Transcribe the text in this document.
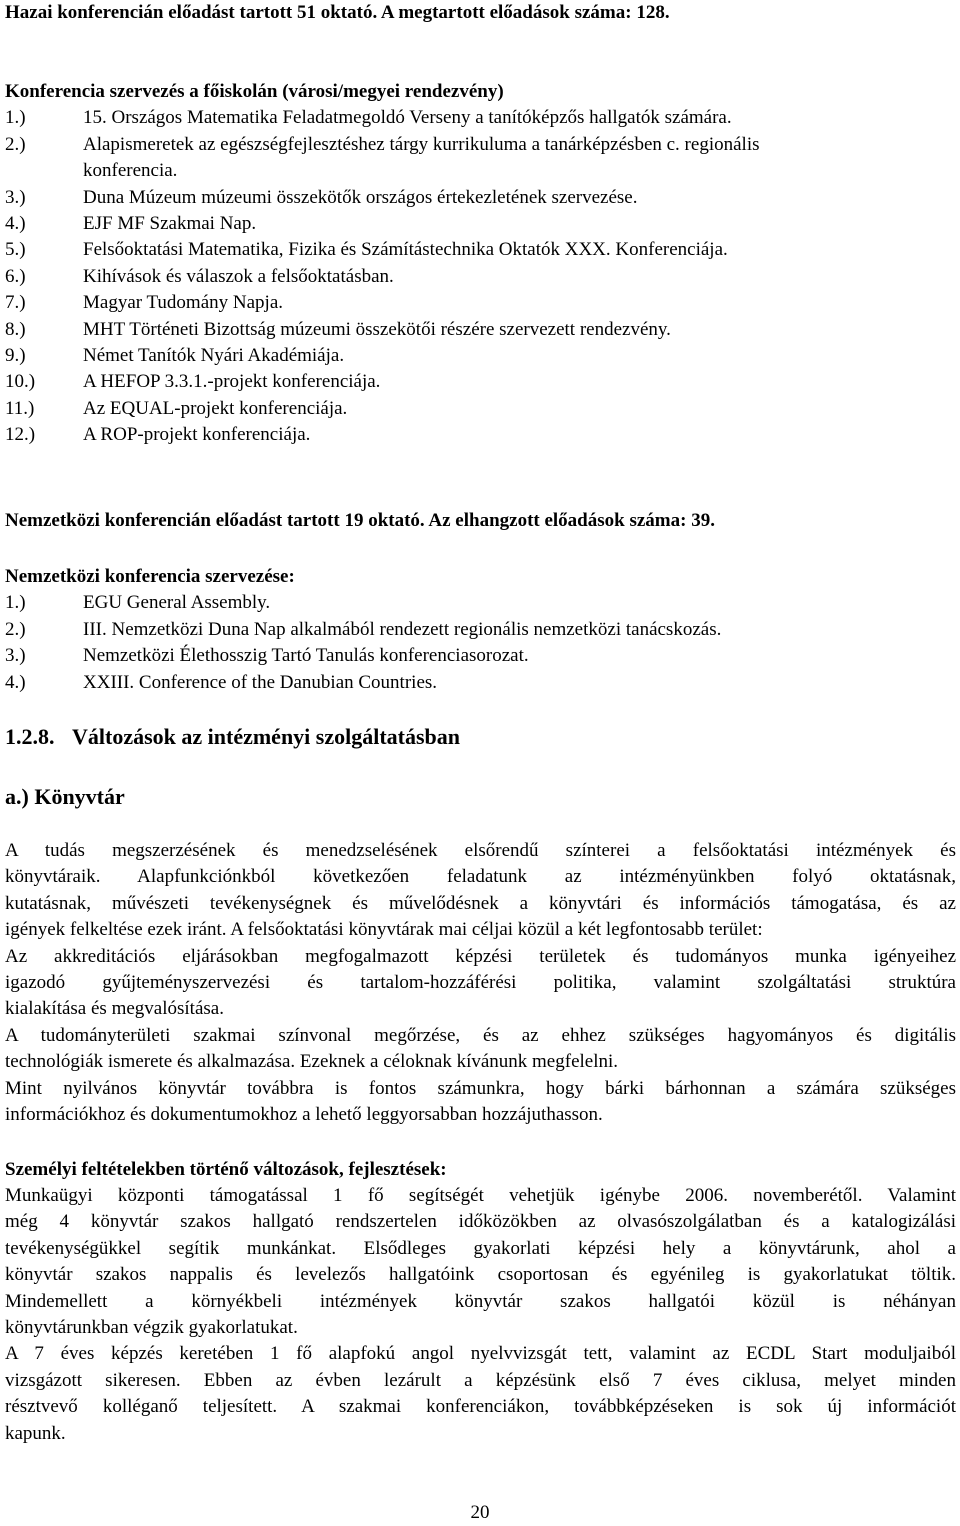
Hazai konferencián előadást tartott 51 oktató. A megtartott előadások száma: 128.
Konferencia szervezés a főiskolán (városi/megyei rendezvény)
1.)	15. Országos Matematika Feladatmegoldó Verseny a tanítóképzős hallgatók számára.
2.)	Alapismeretek az egészségfejlesztéshez tárgy kurrikuluma a tanárképzésben c. regionális
konferencia.
3.)	Duna Múzeum múzeumi összekötők országos értekezletének szervezése.
4.)	EJF MF Szakmai Nap.
5.)	Felsőoktatási Matematika, Fizika és Számítástechnika Oktatók XXX. Konferenciája.
6.)	Kihívások és válaszok a felsőoktatásban.
7.)	Magyar Tudomány Napja.
8.)	MHT Történeti Bizottság múzeumi összekötői részére szervezett rendezvény.
9.)	Német Tanítók Nyári Akadémiája.
10.)	A HEFOP 3.3.1.-projekt konferenciája.
11.)	Az EQUAL-projekt konferenciája.
12.)	A ROP-projekt konferenciája.
Nemzetközi konferencián előadást tartott 19 oktató. Az elhangzott előadások száma: 39.
Nemzetközi konferencia szervezése:
1.)	EGU General Assembly.
2.)	III. Nemzetközi Duna Nap alkalmából rendezett regionális nemzetközi tanácskozás.
3.)	Nemzetközi Élethosszig Tartó Tanulás konferenciasorozat.
4.)	XXIII. Conference of the Danubian Countries.
1.2.8. Változások az intézményi szolgáltatásban
a.) Könyvtár
A tudás megszerzésének és menedzselésének elsőrendű színterei a felsőoktatási intézmények és
könyvtáraik. Alapfunkciónkból következően feladatunk az intézményünkben folyó oktatásnak,
kutatásnak, művészeti tevékenységnek és művelődésnek a könyvtári és információs támogatása, és az
igények felkeltése ezek iránt. A felsőoktatási könyvtárak mai céljai közül a két legfontosabb terület:
Az akkreditációs eljárásokban megfogalmazott képzési területek és tudományos munka igényeihez
igazodó gyűjteményszervezési és tartalom-hozzáférési politika, valamint szolgáltatási struktúra
kialakítása és megvalósítása.
A tudományterületi szakmai színvonal megőrzése, és az ehhez szükséges hagyományos és digitális
technológiák ismerete és alkalmazása. Ezeknek a céloknak kívánunk megfelelni.
Mint nyilvános könyvtár továbbra is fontos számunkra, hogy bárki bárhonnan a számára szükséges
információkhoz és dokumentumokhoz a lehető leggyorsabban hozzájuthasson.
Személyi feltételekben történő változások, fejlesztések:
Munkaügyi központi támogatással 1 fő segítségét vehetjük igénybe 2006. novemberétől. Valamint
még 4 könyvtár szakos hallgató rendszertelen időközökben az olvasószolgálatban és a katalogizálási
tevékenységükkel segítik munkánkat. Elsődleges gyakorlati képzési hely a könyvtárunk, ahol a
könyvtár szakos nappalis és levelezős hallgatóink csoportosan és egyénileg is gyakorlatukat töltik.
Mindemellett a környékbeli intézmények könyvtár szakos hallgatói közül is néhányan
könyvtárunkban végzik gyakorlatukat.
A 7 éves képzés keretében 1 fő alapfokú angol nyelvvizsgát tett, valamint az ECDL Start moduljaiból
vizsgázott sikeresen. Ebben az évben lezárult a képzésünk első 7 éves ciklusa, melyet minden
résztvevő kolléganő teljesített. A szakmai konferenciákon, továbbképzéseken is sok új információt
kapunk.
20
